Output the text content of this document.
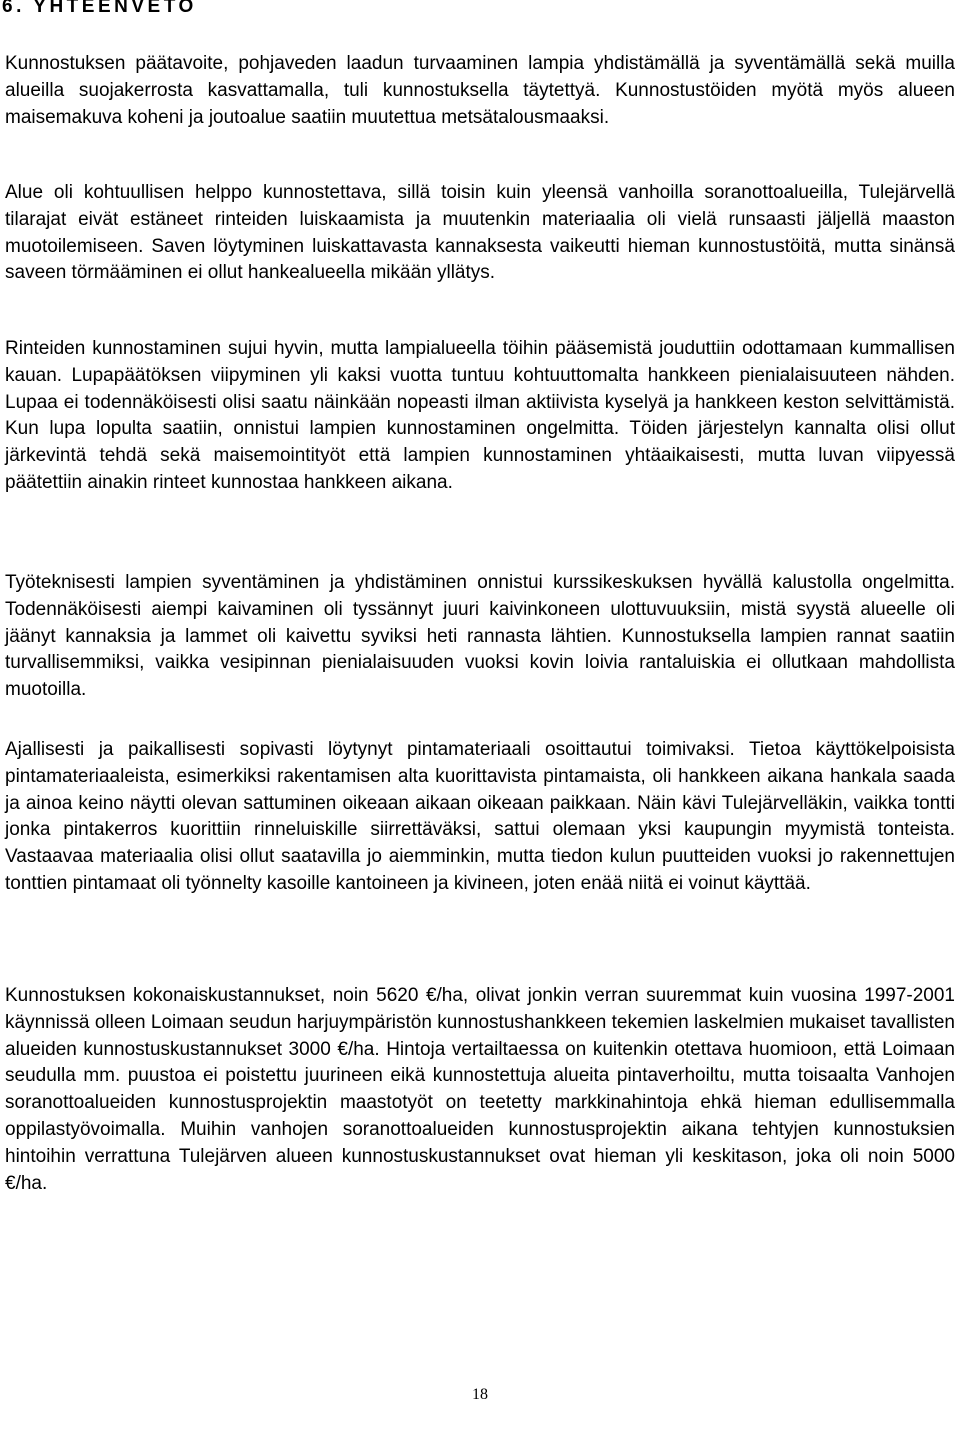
6. YHTEENVETO

Kunnostuksen päätavoite, pohjaveden laadun turvaaminen lampia yhdistämällä ja syventämällä sekä muilla alueilla suojakerrosta kasvattamalla, tuli kunnostuksella täytettyä. Kunnostustöiden myötä myös alueen maisemakuva koheni ja joutoalue saatiin muutettua metsätalousmaaksi.

Alue oli kohtuullisen helppo kunnostettava, sillä toisin kuin yleensä vanhoilla soranottoalueilla, Tulejärvellä tilarajat eivät estäneet rinteiden luiskaamista ja muutenkin materiaalia oli vielä runsaasti jäljellä maaston muotoilemiseen. Saven löytyminen luiskattavasta kannaksesta vaikeutti hieman kunnostustöitä, mutta sinänsä saveen törmääminen ei ollut hankealueella mikään yllätys.

Rinteiden kunnostaminen sujui hyvin, mutta lampialueella töihin pääsemistä jouduttiin odottamaan kummallisen kauan. Lupapäätöksen viipyminen yli kaksi vuotta tuntuu kohtuuttomalta hankkeen pienialaisuuteen nähden. Lupaa ei todennäköisesti olisi saatu näinkään nopeasti ilman aktiivista kyselyä ja hankkeen keston selvittämistä. Kun lupa lopulta saatiin, onnistui lampien kunnostaminen ongelmitta. Töiden järjestelyn kannalta olisi ollut järkevintä tehdä sekä maisemointityöt että lampien kunnostaminen yhtäaikaisesti, mutta luvan viipyessä päätettiin ainakin rinteet kunnostaa hankkeen aikana.

Työteknisesti lampien syventäminen ja yhdistäminen onnistui kurssikeskuksen hyvällä kalustolla ongelmitta. Todennäköisesti aiempi kaivaminen oli tyssännyt juuri kaivinkoneen ulottuvuuksiin, mistä syystä alueelle oli jäänyt kannaksia ja lammet oli kaivettu syviksi heti rannasta lähtien. Kunnostuksella lampien rannat saatiin turvallisemmiksi, vaikka vesipinnan pienialaisuuden vuoksi kovin loivia rantaluiskia ei ollutkaan mahdollista muotoilla.

Ajallisesti ja paikallisesti sopivasti löytynyt pintamateriaali osoittautui toimivaksi. Tietoa käyttökelpoisista pintamateriaaleista, esimerkiksi rakentamisen alta kuorittavista pintamaista, oli hankkeen aikana hankala saada ja ainoa keino näytti olevan sattuminen oikeaan aikaan oikeaan paikkaan. Näin kävi Tulejärvelläkin, vaikka tontti jonka pintakerros kuorittiin rinneluiskille siirrettäväksi, sattui olemaan yksi kaupungin myymistä tonteista. Vastaavaa materiaalia olisi ollut saatavilla jo aiemminkin, mutta tiedon kulun puutteiden vuoksi jo rakennettujen tonttien pintamaat oli työnnelty kasoille kantoineen ja kivineen, joten enää niitä ei voinut käyttää.

Kunnostuksen kokonaiskustannukset, noin 5620 €/ha, olivat jonkin verran suuremmat kuin vuosina 1997-2001 käynnissä olleen Loimaan seudun harjuympäristön kunnostushankkeen tekemien laskelmien mukaiset tavallisten alueiden kunnostuskustannukset 3000 €/ha. Hintoja vertailtaessa on kuitenkin otettava huomioon, että Loimaan seudulla mm. puustoa ei poistettu juurineen eikä kunnostettuja alueita pintaverhoiltu, mutta toisaalta Vanhojen soranottoalueiden kunnostusprojektin maastotyöt on teetetty markkinahintoja ehkä hieman edullisemmalla oppilastyövoimalla. Muihin vanhojen soranottoalueiden kunnostusprojektin aikana tehtyjen kunnostuksien hintoihin verrattuna Tulejärven alueen kunnostuskustannukset ovat hieman yli keskitason, joka oli noin 5000 €/ha.

18
